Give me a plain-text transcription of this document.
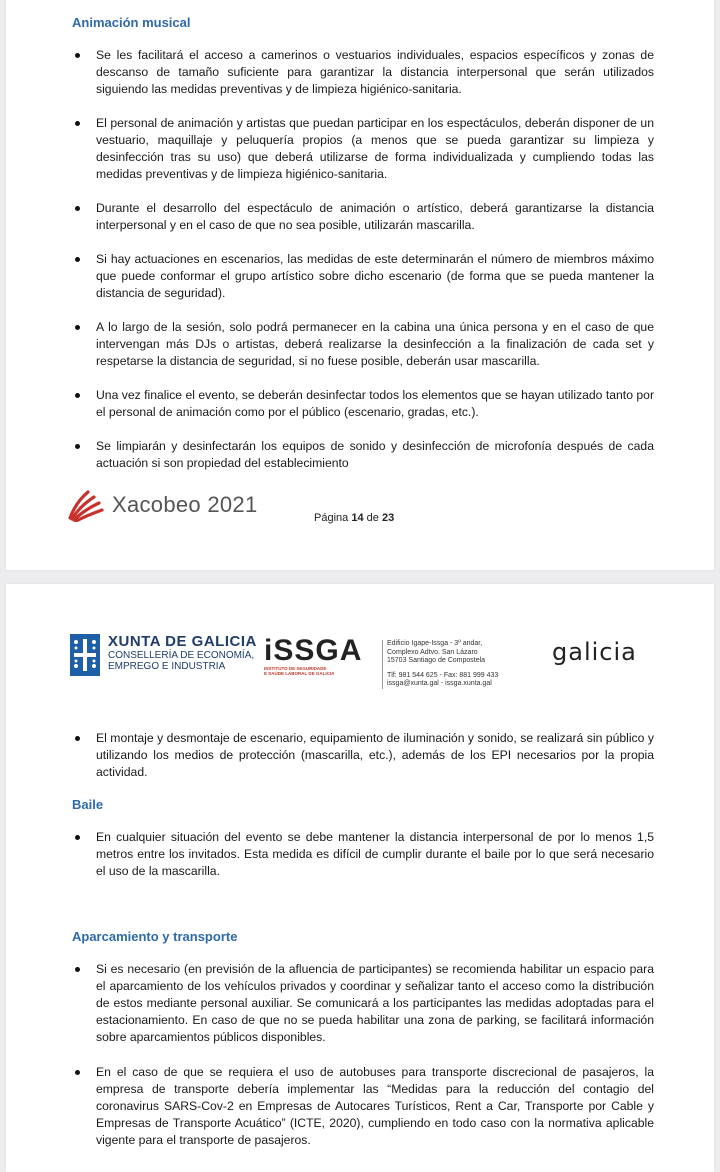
Animación musical
Se les facilitará el acceso a camerinos o vestuarios individuales, espacios específicos y zonas de descanso de tamaño suficiente para garantizar la distancia interpersonal que serán utilizados siguiendo las medidas preventivas y de limpieza higiénico-sanitaria.
El personal de animación y artistas que puedan participar en los espectáculos, deberán disponer de un vestuario, maquillaje y peluquería propios (a menos que se pueda garantizar su limpieza y desinfección tras su uso) que deberá utilizarse de forma individualizada y cumpliendo todas las medidas preventivas y de limpieza higiénico-sanitaria.
Durante el desarrollo del espectáculo de animación o artístico, deberá garantizarse la distancia interpersonal y en el caso de que no sea posible, utilizarán mascarilla.
Si hay actuaciones en escenarios, las medidas de este determinarán el número de miembros máximo que puede conformar el grupo artístico sobre dicho escenario (de forma que se pueda mantener la distancia de seguridad).
A lo largo de la sesión, solo podrá permanecer en la cabina una única persona y en el caso de que intervengan más DJs o artistas, deberá realizarse la desinfección a la finalización de cada set y respetarse la distancia de seguridad, si no fuese posible, deberán usar mascarilla.
Una vez finalice el evento, se deberán desinfectar todos los elementos que se hayan utilizado tanto por el personal de animación como por el público (escenario, gradas, etc.).
Se limpiarán y desinfectarán los equipos de sonido y desinfección de microfonía después de cada actuación si son propiedad del establecimiento
Xacobeo 2021
Página 14 de 23
XUNTA DE GALICIA
CONSELLERÍA DE ECONOMÍA,
EMPREGO E INDUSTRIA	iSSGA
INSTITUTO DE SEGURIDADE
E SAÚDE LABORAL DE GALICIA
Edificio Igape-Issga - 3º andar,
Complexo Adtvo. San Lázaro
15703 Santiago de Compostela
Tlf: 981 544 625 - Fax: 881 999 433
issga@xunta.gal - issga.xunta.gal
galicia
El montaje y desmontaje de escenario, equipamiento de iluminación y sonido, se realizará sin público y utilizando los medios de protección (mascarilla, etc.), además de los EPI necesarios por la propia actividad.
Baile
En cualquier situación del evento se debe mantener la distancia interpersonal de por lo menos 1,5 metros entre los invitados. Esta medida es difícil de cumplir durante el baile por lo que será necesario el uso de la mascarilla.
Aparcamiento y transporte
Si es necesario (en previsión de la afluencia de participantes) se recomienda habilitar un espacio para el aparcamiento de los vehículos privados y coordinar y señalizar tanto el acceso como la distribución de estos mediante personal auxiliar. Se comunicará a los participantes las medidas adoptadas para el estacionamiento. En caso de que no se pueda habilitar una zona de parking, se facilitará información sobre aparcamientos públicos disponibles.
En el caso de que se requiera el uso de autobuses para transporte discrecional de pasajeros, la empresa de transporte debería implementar las “Medidas para la reducción del contagio del coronavirus SARS-Cov-2 en Empresas de Autocares Turísticos, Rent a Car, Transporte por Cable y Empresas de Transporte Acuático” (ICTE, 2020), cumpliendo en todo caso con la normativa aplicable vigente para el transporte de pasajeros.
